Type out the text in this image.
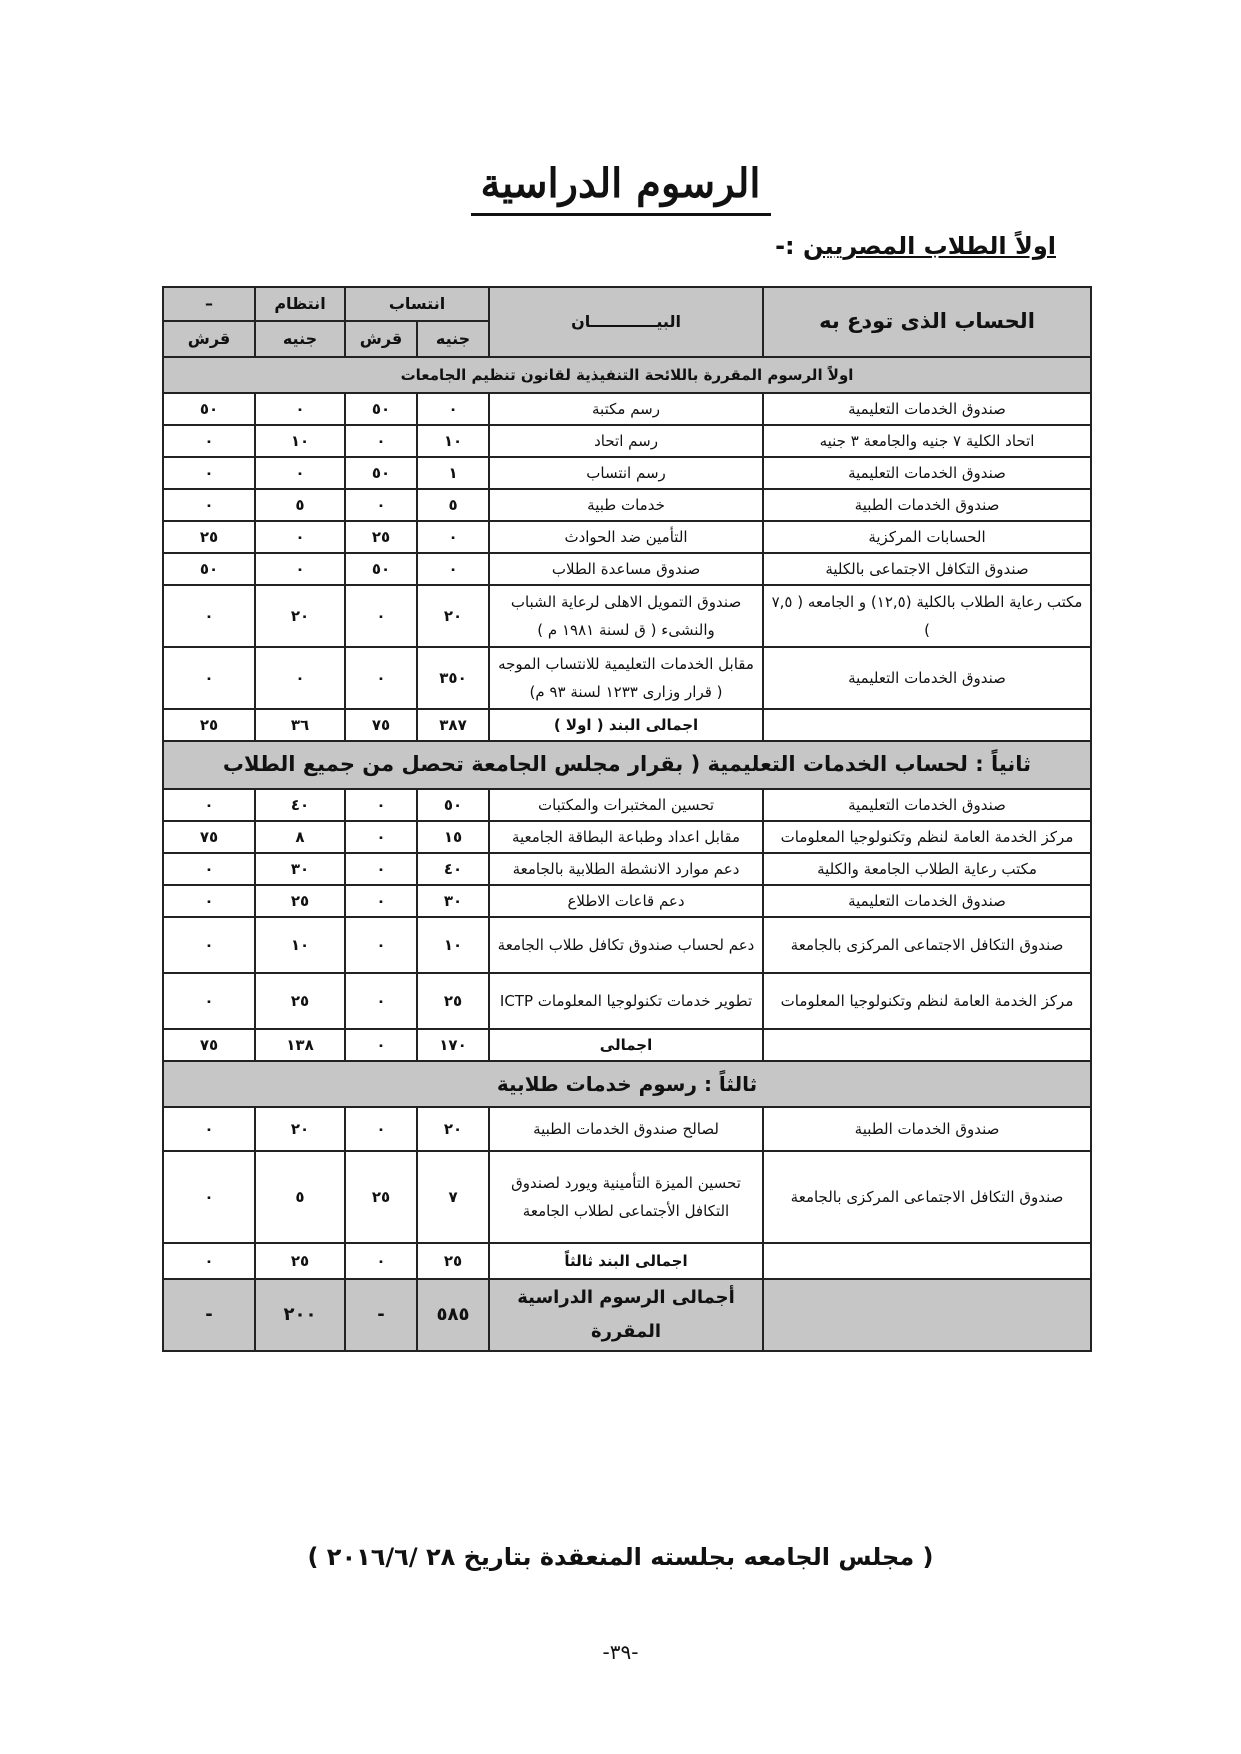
الرسوم الدراسية
اولاً الطلاب المصريين :-
الحساب الذى تودع به	البيــــــــــــان	انتساب		انتظام	–
		جنيه	قرش	جنيه	قرش
اولاً الرسوم المقررة باللائحة التنفيذية لقانون تنظيم الجامعات					
صندوق الخدمات التعليمية	رسم مكتبة	٠	٥٠	٠	٥٠
اتحاد الكلية ٧ جنيه والجامعة ٣ جنيه	رسم اتحاد	١٠	٠	١٠	٠
صندوق الخدمات التعليمية	رسم انتساب	١	٥٠	٠	٠
صندوق الخدمات الطبية	خدمات طبية	٥	٠	٥	٠
الحسابات المركزية	التأمين ضد الحوادث	٠	٢٥	٠	٢٥
صندوق التكافل الاجتماعى بالكلية	صندوق مساعدة الطلاب	٠	٥٠	٠	٥٠
مكتب رعاية الطلاب بالكلية (١٢,٥) و الجامعه ( ٧,٥ )	صندوق التمويل الاهلى لرعاية الشباب والنشىء ( ق لسنة ١٩٨١ م )	٢٠	٠	٢٠	٠
صندوق الخدمات التعليمية	مقابل الخدمات التعليمية للانتساب الموجه ( قرار وزارى ١٢٣٣ لسنة ٩٣ م)	٣٥٠	٠	٠	٠
	اجمالى البند ( اولا )	٣٨٧	٧٥	٣٦	٢٥
ثانياً : لحساب الخدمات التعليمية ( بقرار مجلس الجامعة تحصل من جميع الطلاب					
صندوق الخدمات التعليمية	تحسين المختبرات والمكتبات	٥٠	٠	٤٠	٠
مركز الخدمة العامة لنظم وتكنولوجيا المعلومات	مقابل اعداد وطباعة البطاقة الجامعية	١٥	٠	٨	٧٥
مكتب رعاية الطلاب الجامعة والكلية	دعم موارد الانشطة الطلابية بالجامعة	٤٠	٠	٣٠	٠
صندوق الخدمات التعليمية	دعم قاعات الاطلاع	٣٠	٠	٢٥	٠
صندوق التكافل الاجتماعى المركزى بالجامعة	دعم لحساب صندوق تكافل طلاب الجامعة	١٠	٠	١٠	٠
مركز الخدمة العامة لنظم وتكنولوجيا المعلومات	تطوير خدمات تكنولوجيا المعلومات ICTP	٢٥	٠	٢٥	٠
	اجمالى	١٧٠	٠	١٣٨	٧٥
ثالثاً : رسوم خدمات طلابية					
صندوق الخدمات الطبية	لصالح صندوق الخدمات الطبية	٢٠	٠	٢٠	٠
صندوق التكافل الاجتماعى المركزى بالجامعة	تحسين الميزة التأمينية ويورد لصندوق التكافل الأجتماعى لطلاب الجامعة	٧	٢٥	٥	٠
	اجمالى البند ثالثاً	٢٥	٠	٢٥	٠
	أجمالى الرسوم الدراسية المقررة	٥٨٥	-	٢٠٠	-
( مجلس الجامعه بجلسته المنعقدة بتاريخ ٢٨ /٢٠١٦/٦ )
-٣٩-
